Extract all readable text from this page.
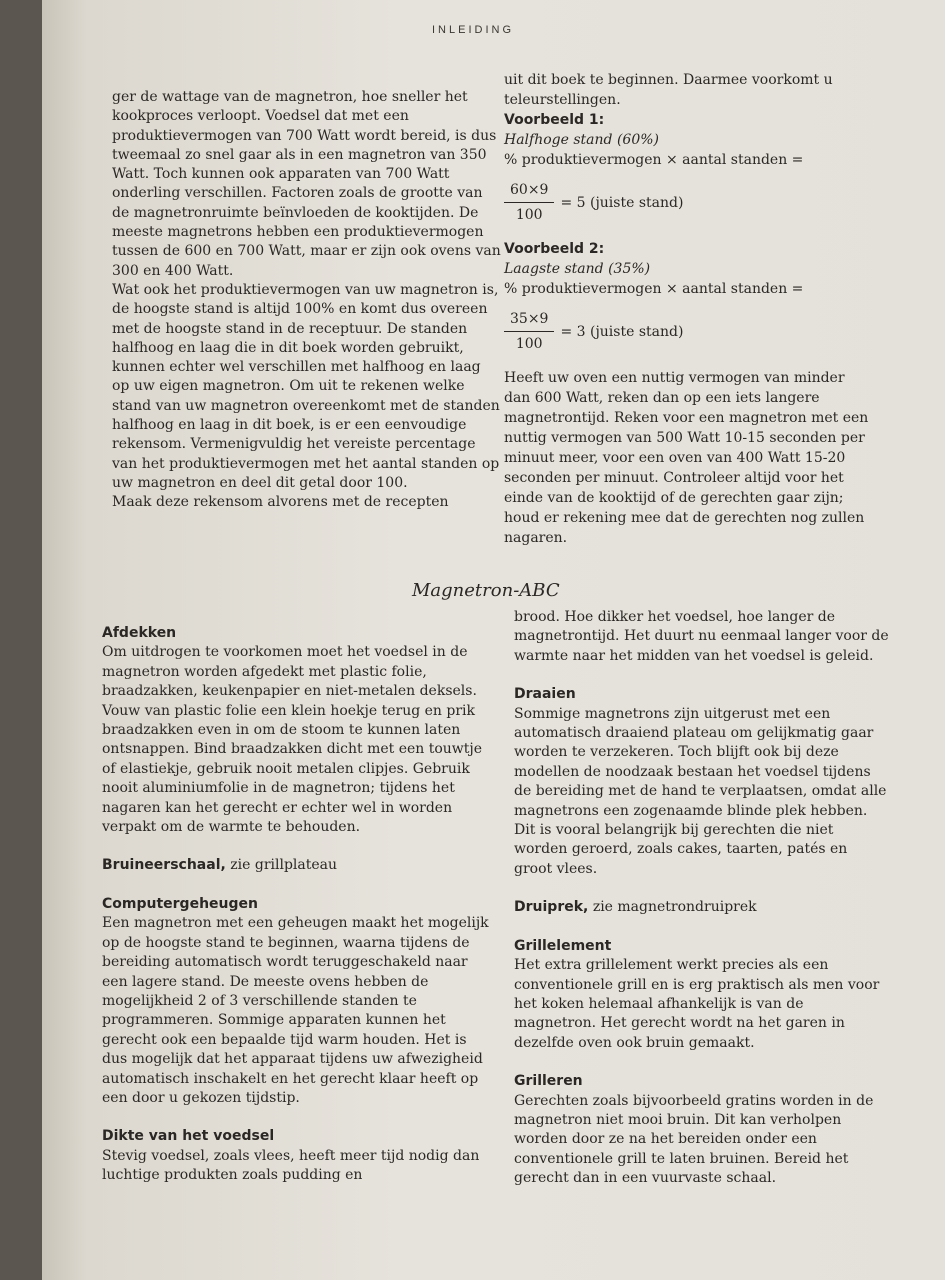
INLEIDING

ger de wattage van de magnetron, hoe sneller het kookproces verloopt. Voedsel dat met een produktievermogen van 700 Watt wordt bereid, is dus tweemaal zo snel gaar als in een magnetron van 350 Watt. Toch kunnen ook apparaten van 700 Watt onderling verschillen. Factoren zoals de grootte van de magnetronruimte beïnvloeden de kooktijden. De meeste magnetrons hebben een produktievermogen tussen de 600 en 700 Watt, maar er zijn ook ovens van 300 en 400 Watt.

Wat ook het produktievermogen van uw magnetron is, de hoogste stand is altijd 100% en komt dus overeen met de hoogste stand in de receptuur. De standen halfhoog en laag die in dit boek worden gebruikt, kunnen echter wel verschillen met halfhoog en laag op uw eigen magnetron. Om uit te rekenen welke stand van uw magnetron overeenkomt met de standen halfhoog en laag in dit boek, is er een eenvoudige rekensom. Vermenigvuldig het vereiste percentage van het produktievermogen met het aantal standen op uw magnetron en deel dit getal door 100.

Maak deze rekensom alvorens met de recepten

uit dit boek te beginnen. Daarmee voorkomt u teleurstellingen.

Voorbeeld 1:

Halfhoge stand (60%)

% produktievermogen × aantal standen =

$\frac{60\times 9}{100} = 5$ (juiste stand)

Voorbeeld 2:

Laagste stand (35%)

% produktievermogen × aantal standen =

$\frac{35\times 9}{100} = 3$ (juiste stand)

Heeft uw oven een nuttig vermogen van minder dan 600 Watt, reken dan op een iets langere magnetrontijd. Reken voor een magnetron met een nuttig vermogen van 500 Watt 10-15 seconden per minuut meer, voor een oven van 400 Watt 15-20 seconden per minuut. Controleer altijd voor het einde van de kooktijd of de gerechten gaar zijn; houd er rekening mee dat de gerechten nog zullen nagaren.

Magnetron-ABC
Afdekken
Om uitdrogen te voorkomen moet het voedsel in de magnetron worden afgedekt met plastic folie, braadzakken, keukenpapier en niet-metalen deksels. Vouw van plastic folie een klein hoekje terug en prik braadzakken even in om de stoom te kunnen laten ontsnappen. Bind braadzakken dicht met een touwtje of elastiekje, gebruik nooit metalen clipjes. Gebruik nooit aluminiumfolie in de magnetron; tijdens het nagaren kan het gerecht er echter wel in worden verpakt om de warmte te behouden.
Bruineerschaal, zie grillplateau
Computergeheugen
Een magnetron met een geheugen maakt het mogelijk op de hoogste stand te beginnen, waarna tijdens de bereiding automatisch wordt teruggeschakeld naar een lagere stand. De meeste ovens hebben de mogelijkheid 2 of 3 verschillende standen te programmeren. Sommige apparaten kunnen het gerecht ook een bepaalde tijd warm houden. Het is dus mogelijk dat het apparaat tijdens uw afwezigheid automatisch inschakelt en het gerecht klaar heeft op een door u gekozen tijdstip.
Dikte van het voedsel
Stevig voedsel, zoals vlees, heeft meer tijd nodig dan luchtige produkten zoals pudding en

brood. Hoe dikker het voedsel, hoe langer de magnetrontijd. Het duurt nu eenmaal langer voor de warmte naar het midden van het voedsel is geleid.

Draaien
Sommige magnetrons zijn uitgerust met een automatisch draaiend plateau om gelijkmatig gaar worden te verzekeren. Toch blijft ook bij deze modellen de noodzaak bestaan het voedsel tijdens de bereiding met de hand te verplaatsen, omdat alle magnetrons een zogenaamde blinde plek hebben. Dit is vooral belangrijk bij gerechten die niet worden geroerd, zoals cakes, taarten, patés en groot vlees.
Druiprek, zie magnetrondruiprek
Grillelement
Het extra grillelement werkt precies als een conventionele grill en is erg praktisch als men voor het koken helemaal afhankelijk is van de magnetron. Het gerecht wordt na het garen in dezelfde oven ook bruin gemaakt.
Grilleren
Gerechten zoals bijvoorbeeld gratins worden in de magnetron niet mooi bruin. Dit kan verholpen worden door ze na het bereiden onder een conventionele grill te laten bruinen. Bereid het gerecht dan in een vuurvaste schaal.
